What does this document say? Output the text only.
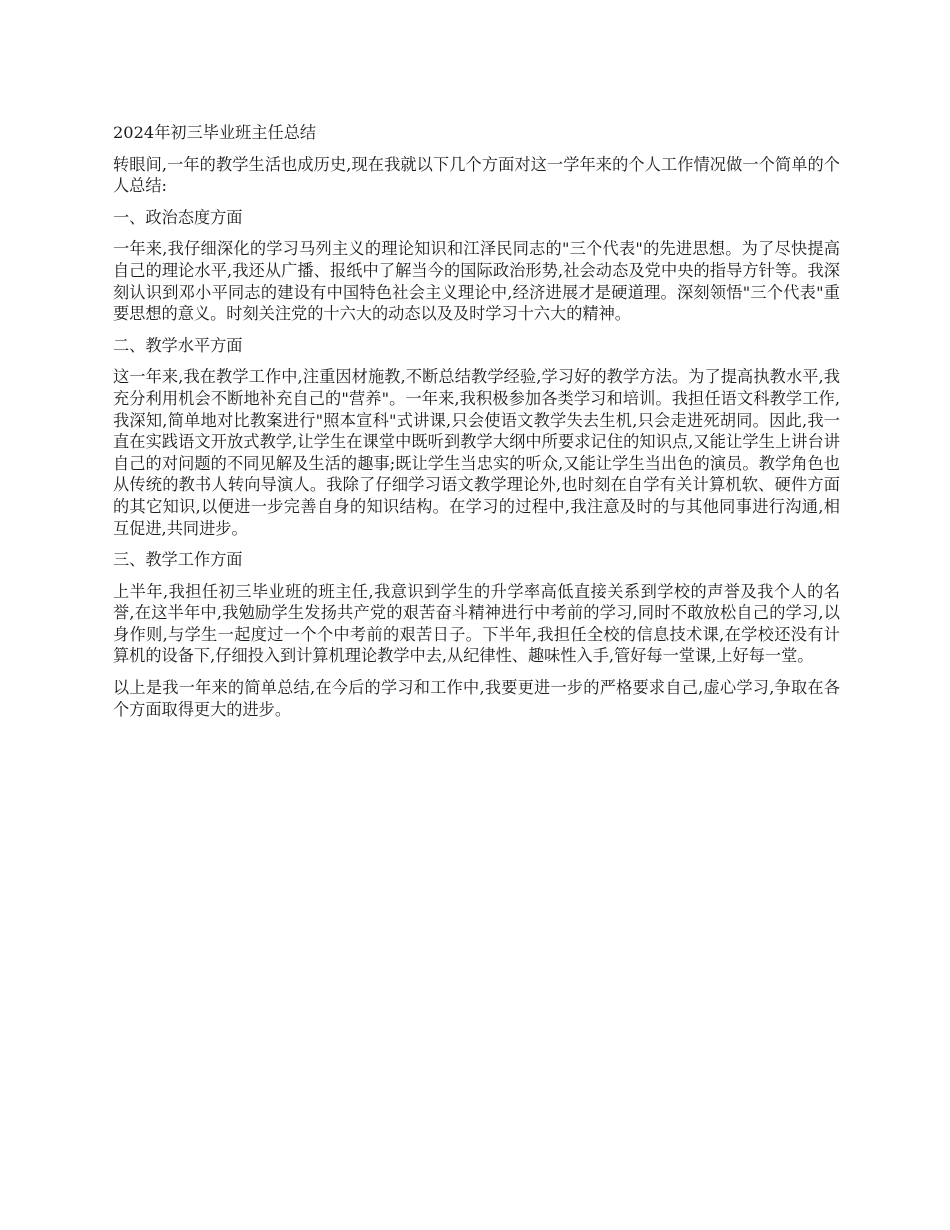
2024年初三毕业班主任总结

转眼间,一年的教学生活也成历史,现在我就以下几个方面对这一学年来的个人工作情况做一个简单的个人总结:

一、政治态度方面

一年来,我仔细深化的学习马列主义的理论知识和江泽民同志的"三个代表"的先进思想。为了尽快提高自己的理论水平,我还从广播、报纸中了解当今的国际政治形势,社会动态及党中央的指导方针等。我深刻认识到邓小平同志的建设有中国特色社会主义理论中,经济进展才是硬道理。深刻领悟"三个代表"重要思想的意义。时刻关注党的十六大的动态以及及时学习十六大的精神。

二、教学水平方面

这一年来,我在教学工作中,注重因材施教,不断总结教学经验,学习好的教学方法。为了提高执教水平,我充分利用机会不断地补充自己的"营养"。一年来,我积极参加各类学习和培训。我担任语文科教学工作,我深知,简单地对比教案进行"照本宣科"式讲课,只会使语文教学失去生机,只会走进死胡同。因此,我一直在实践语文开放式教学,让学生在课堂中既听到教学大纲中所要求记住的知识点,又能让学生上讲台讲自己的对问题的不同见解及生活的趣事;既让学生当忠实的听众,又能让学生当出色的演员。教学角色也从传统的教书人转向导演人。我除了仔细学习语文教学理论外,也时刻在自学有关计算机软、硬件方面的其它知识,以便进一步完善自身的知识结构。在学习的过程中,我注意及时的与其他同事进行沟通,相互促进,共同进步。

三、教学工作方面

上半年,我担任初三毕业班的班主任,我意识到学生的升学率高低直接关系到学校的声誉及我个人的名誉,在这半年中,我勉励学生发扬共产党的艰苦奋斗精神进行中考前的学习,同时不敢放松自己的学习,以身作则,与学生一起度过一个个中考前的艰苦日子。下半年,我担任全校的信息技术课,在学校还没有计算机的设备下,仔细投入到计算机理论教学中去,从纪律性、趣味性入手,管好每一堂课,上好每一堂。

以上是我一年来的简单总结,在今后的学习和工作中,我要更进一步的严格要求自己,虚心学习,争取在各个方面取得更大的进步。
